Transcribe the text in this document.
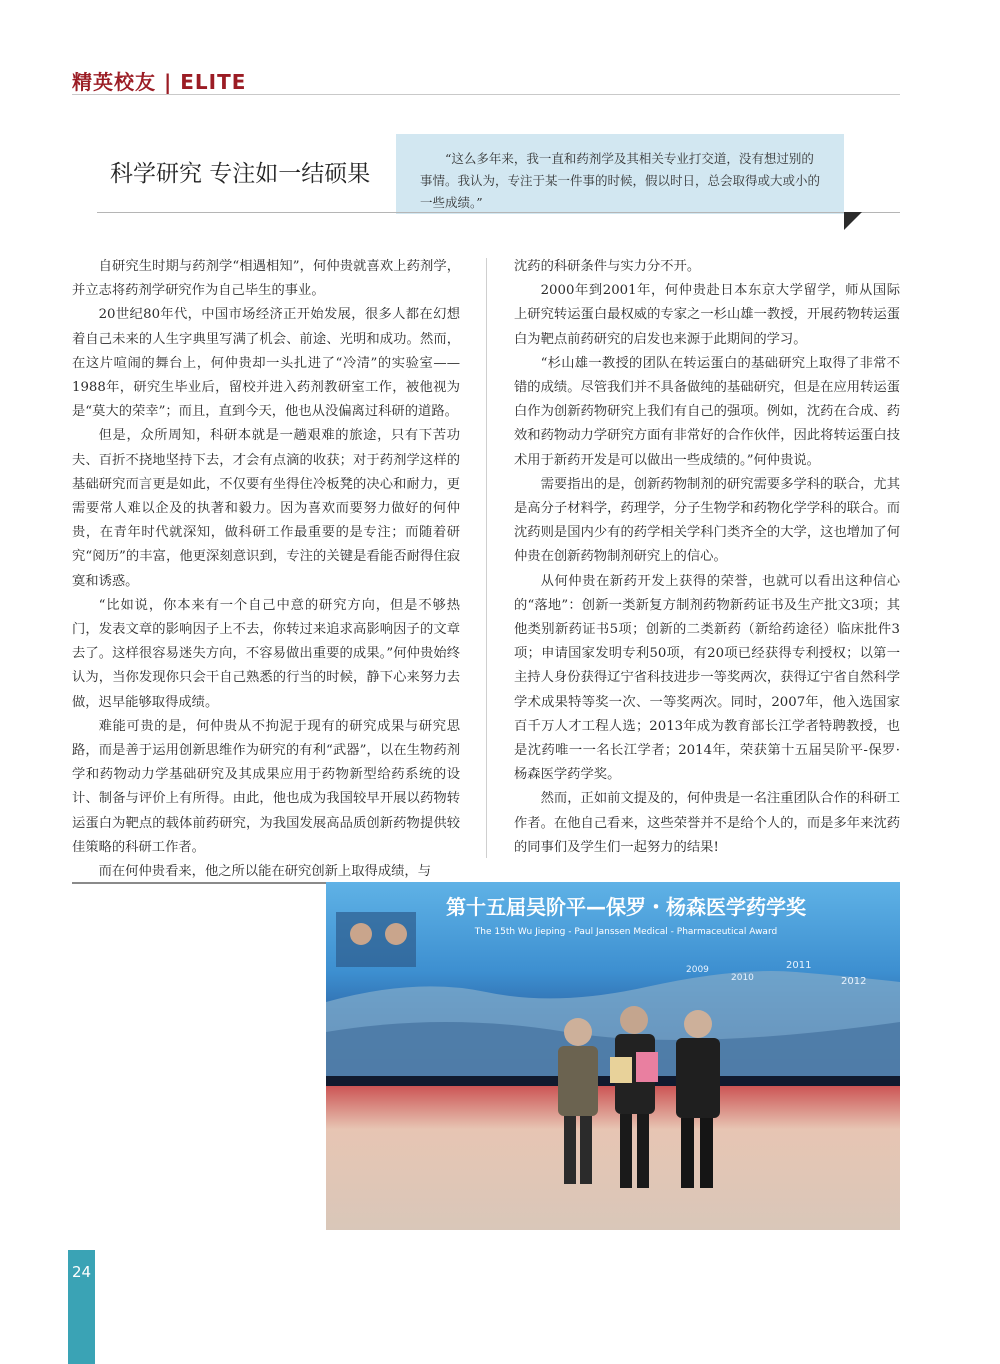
精英校友 | ELITE
科学研究 专注如一结硕果
“这么多年来，我一直和药剂学及其相关专业打交道，没有想过别的事情。我认为，专注于某一件事的时候，假以时日，总会取得或大或小的一些成绩。”

自研究生时期与药剂学“相遇相知”，何仲贵就喜欢上药剂学，并立志将药剂学研究作为自己毕生的事业。

20世纪80年代，中国市场经济正开始发展，很多人都在幻想着自己未来的人生字典里写满了机会、前途、光明和成功。然而，在这片喧闹的舞台上，何仲贵却一头扎进了“冷清”的实验室——1988年，研究生毕业后，留校并进入药剂教研室工作，被他视为是“莫大的荣幸”；而且，直到今天，他也从没偏离过科研的道路。

但是，众所周知，科研本就是一趟艰难的旅途，只有下苦功夫、百折不挠地坚持下去，才会有点滴的收获；对于药剂学这样的基础研究而言更是如此，不仅要有坐得住冷板凳的决心和耐力，更需要常人难以企及的执著和毅力。因为喜欢而要努力做好的何仲贵，在青年时代就深知，做科研工作最重要的是专注；而随着研究“阅历”的丰富，他更深刻意识到，专注的关键是看能否耐得住寂寞和诱惑。

“比如说，你本来有一个自己中意的研究方向，但是不够热门，发表文章的影响因子上不去，你转过来追求高影响因子的文章去了。这样很容易迷失方向，不容易做出重要的成果。”何仲贵始终认为，当你发现你只会干自己熟悉的行当的时候，静下心来努力去做，迟早能够取得成绩。

难能可贵的是，何仲贵从不拘泥于现有的研究成果与研究思路，而是善于运用创新思维作为研究的有利“武器”，以在生物药剂学和药物动力学基础研究及其成果应用于药物新型给药系统的设计、制备与评价上有所得。由此，他也成为我国较早开展以药物转运蛋白为靶点的载体前药研究，为我国发展高品质创新药物提供较佳策略的科研工作者。

而在何仲贵看来，他之所以能在研究创新上取得成绩，与

沈药的科研条件与实力分不开。

2000年到2001年，何仲贵赴日本东京大学留学，师从国际上研究转运蛋白最权威的专家之一杉山雄一教授，开展药物转运蛋白为靶点前药研究的启发也来源于此期间的学习。

“杉山雄一教授的团队在转运蛋白的基础研究上取得了非常不错的成绩。尽管我们并不具备做纯的基础研究，但是在应用转运蛋白作为创新药物研究上我们有自己的强项。例如，沈药在合成、药效和药物动力学研究方面有非常好的合作伙伴，因此将转运蛋白技术用于新药开发是可以做出一些成绩的。”何仲贵说。

需要指出的是，创新药物制剂的研究需要多学科的联合，尤其是高分子材料学，药理学，分子生物学和药物化学学科的联合。而沈药则是国内少有的药学相关学科门类齐全的大学，这也增加了何仲贵在创新药物制剂研究上的信心。

从何仲贵在新药开发上获得的荣誉，也就可以看出这种信心的“落地”：创新一类新复方制剂药物新药证书及生产批文3项；其他类别新药证书5项；创新的二类新药（新给药途径）临床批件3项；申请国家发明专利50项，有20项已经获得专利授权；以第一主持人身份获得辽宁省科技进步一等奖两次，获得辽宁省自然科学学术成果特等奖一次、一等奖两次。同时，2007年，他入选国家百千万人才工程人选；2013年成为教育部长江学者特聘教授，也是沈药唯一一名长江学者；2014年，荣获第十五届吴阶平-保罗·杨森医学药学奖。

然而，正如前文提及的，何仲贵是一名注重团队合作的科研工作者。在他自己看来，这些荣誉并不是给个人的，而是多年来沈药的同事们及学生们一起努力的结果!

第十五届吴阶平—保罗・杨森医学药学奖
The 15th Wu Jieping - Paul Janssen Medical - Pharmaceutical Award
2009
2010
2011
2012
24
